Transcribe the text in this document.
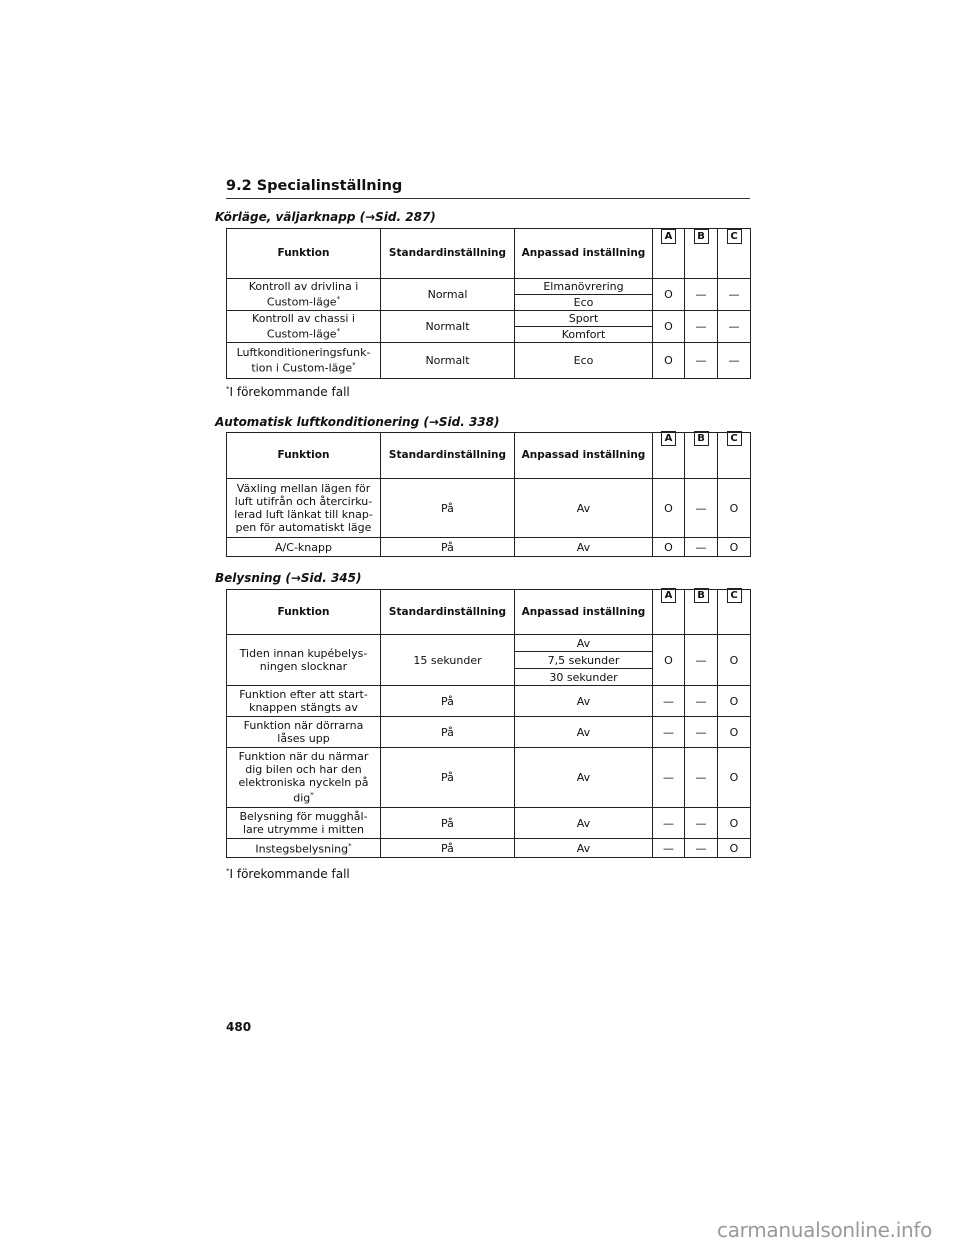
9.2 Specialinställning
Körläge, väljarknapp (→Sid. 287)
Funktion	Standardinställning	Anpassad inställning	A	B	C
Kontroll av drivlina i Custom-läge*	Normal	Elmanövrering	O	—	—
		Eco			
Kontroll av chassi i Custom-läge*	Normalt	Sport	O	—	—
		Komfort			
Luftkonditioneringsfunk-tion i Custom-läge*	Normalt	Eco	O	—	—
*I förekommande fall
Automatisk luftkonditionering (→Sid. 338)
Funktion	Standardinställning	Anpassad inställning	A	B	C
Växling mellan lägen för luft utifrån och återcirku-lerad luft länkat till knap-pen för automatiskt läge	På	Av	O	—	O
A/C-knapp	På	Av	O	—	O
Belysning (→Sid. 345)
Funktion	Standardinställning	Anpassad inställning	A	B	C
Tiden innan kupébelys-ningen slocknar	15 sekunder	Av	O	—	O
		7,5 sekunder			
		30 sekunder			
Funktion efter att start-knappen stängts av	På	Av	—	—	O
Funktion när dörrarna låses upp	På	Av	—	—	O
Funktion när du närmar dig bilen och har den elektroniska nyckeln på dig*	På	Av	—	—	O
Belysning för mugghål-lare utrymme i mitten	På	Av	—	—	O
Instegsbelysning*	På	Av	—	—	O
*I förekommande fall
480
carmanualsonline.info
